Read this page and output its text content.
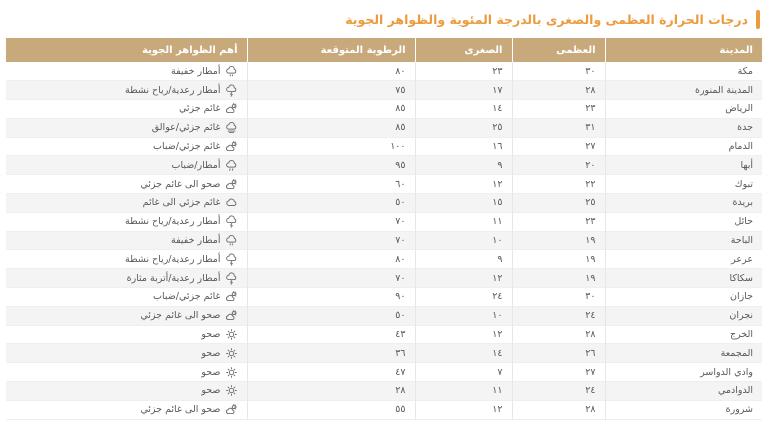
درجات الحرارة العظمى والصغرى بالدرجة المئوية والظواهر الجوية
المدينة	العظمى	الصغرى	الرطوبة المتوقعة	أهم الظواهر الجوية
مكة	٣٠	٢٣	٨٠	أمطار خفيفة

المدينة المنورة	٢٨	١٧	٧٥	أمطار رعدية/رياح نشطة

الرياض	٢٣	١٤	٨٥	غائم جزئي

جدة	٣١	٢٥	٨٥	غائم جزئي/عوالق

الدمام	٢٧	١٦	١٠٠	غائم جزئي/ضباب

أبها	٢٠	٩	٩٥	أمطار/ضباب

تبوك	٢٢	١٢	٦٠	صحو الى غائم جزئي

بريدة	٢٥	١٥	٥٠	غائم جزئي الى غائم

حائل	٢٣	١١	٧٠	أمطار رعدية/رياح نشطة

الباحة	١٩	١٠	٧٠	أمطار خفيفة

عرعر	١٩	٩	٨٠	أمطار رعدية/رياح نشطة

سكاكا	١٩	١٢	٧٠	أمطار رعدية/أتربة مثارة

جازان	٣٠	٢٤	٩٠	غائم جزئي/ضباب

نجران	٢٤	١٠	٥٠	صحو الى غائم جزئي

الخرج	٢٨	١٢	٤٣	صحو

المجمعة	٢٦	١٤	٣٦	صحو

وادي الدواسر	٢٧	٧	٤٧	صحو

الدوادمي	٢٤	١١	٢٨	صحو

شرورة	٢٨	١٢	٥٥	صحو الى غائم جزئي
